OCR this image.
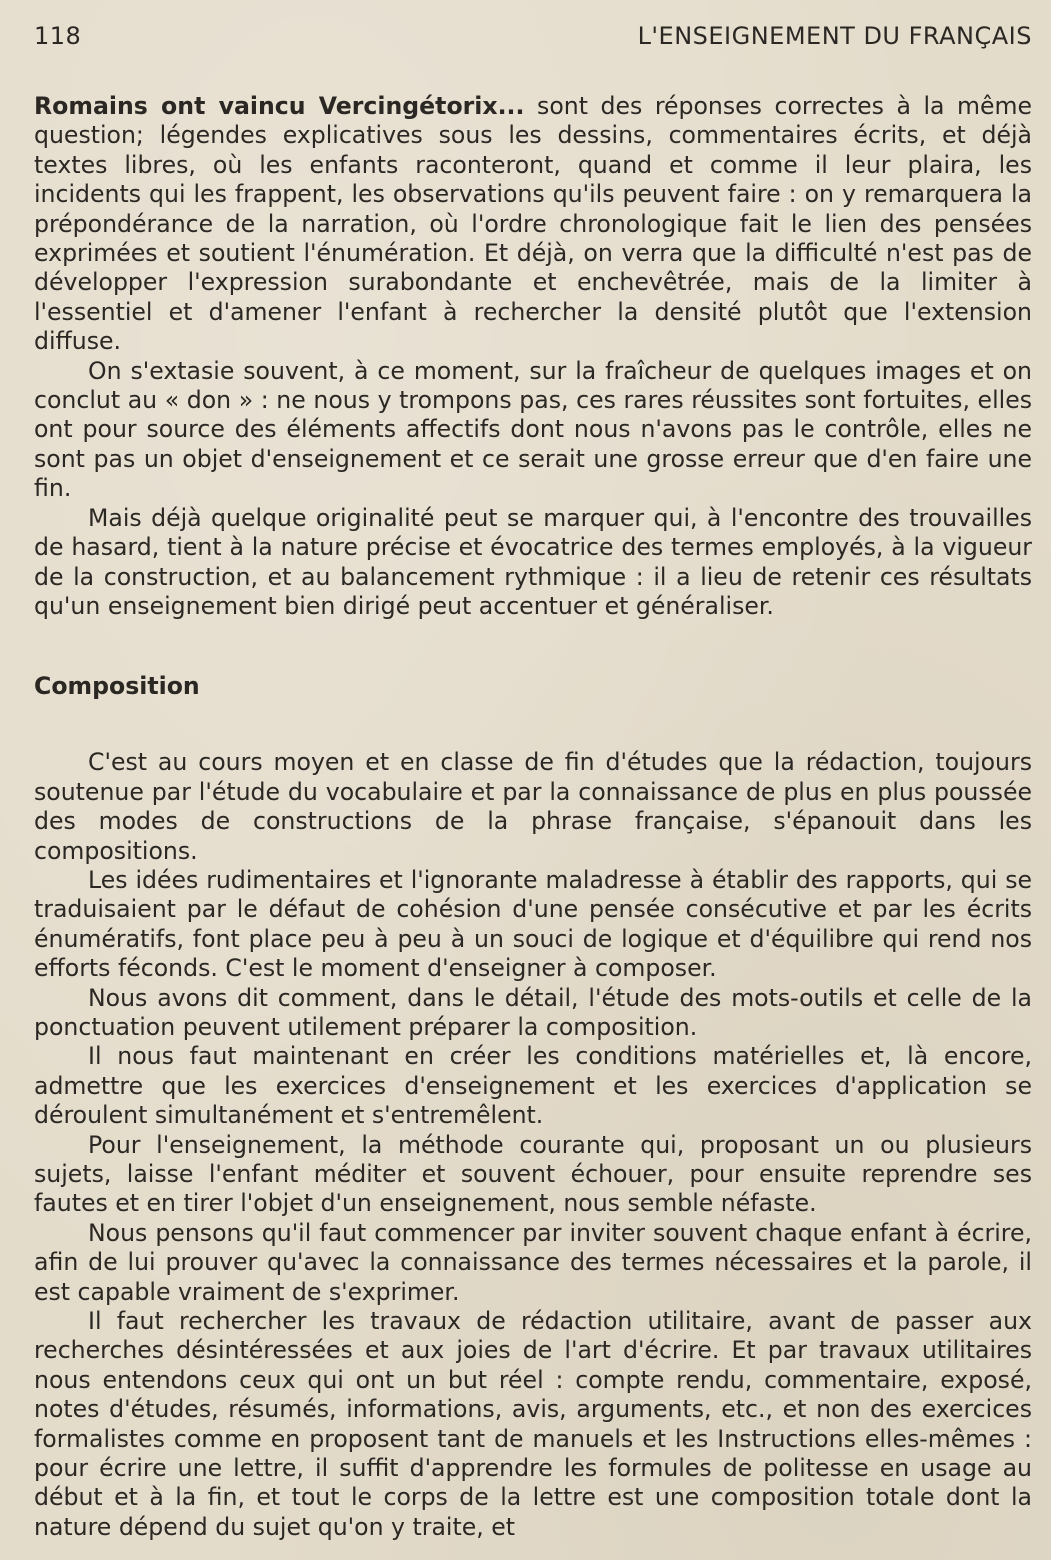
118	L'ENSEIGNEMENT DU FRANÇAIS

Romains ont vaincu Vercingétorix... sont des réponses correctes à la même question; légendes explicatives sous les dessins, commentaires écrits, et déjà textes libres, où les enfants raconteront, quand et comme il leur plaira, les incidents qui les frappent, les observations qu'ils peuvent faire : on y remarquera la prépondérance de la narration, où l'ordre chronologique fait le lien des pensées exprimées et soutient l'énumération. Et déjà, on verra que la difficulté n'est pas de développer l'expression surabondante et enchevêtrée, mais de la limiter à l'essentiel et d'amener l'enfant à rechercher la densité plutôt que l'extension diffuse.

On s'extasie souvent, à ce moment, sur la fraîcheur de quelques images et on conclut au « don » : ne nous y trompons pas, ces rares réussites sont fortuites, elles ont pour source des éléments affectifs dont nous n'avons pas le contrôle, elles ne sont pas un objet d'enseignement et ce serait une grosse erreur que d'en faire une fin.

Mais déjà quelque originalité peut se marquer qui, à l'encontre des trouvailles de hasard, tient à la nature précise et évocatrice des termes employés, à la vigueur de la construction, et au balancement rythmique : il a lieu de retenir ces résultats qu'un enseignement bien dirigé peut accentuer et généraliser.

Composition

C'est au cours moyen et en classe de fin d'études que la rédaction, toujours soutenue par l'étude du vocabulaire et par la connaissance de plus en plus poussée des modes de constructions de la phrase française, s'épanouit dans les compositions.

Les idées rudimentaires et l'ignorante maladresse à établir des rapports, qui se traduisaient par le défaut de cohésion d'une pensée consécutive et par les écrits énumératifs, font place peu à peu à un souci de logique et d'équilibre qui rend nos efforts féconds. C'est le moment d'enseigner à composer.

Nous avons dit comment, dans le détail, l'étude des mots-outils et celle de la ponctuation peuvent utilement préparer la composition.

Il nous faut maintenant en créer les conditions matérielles et, là encore, admettre que les exercices d'enseignement et les exercices d'application se déroulent simultanément et s'entremêlent.

Pour l'enseignement, la méthode courante qui, proposant un ou plusieurs sujets, laisse l'enfant méditer et souvent échouer, pour ensuite reprendre ses fautes et en tirer l'objet d'un enseignement, nous semble néfaste.

Nous pensons qu'il faut commencer par inviter souvent chaque enfant à écrire, afin de lui prouver qu'avec la connaissance des termes nécessaires et la parole, il est capable vraiment de s'exprimer.

Il faut rechercher les travaux de rédaction utilitaire, avant de passer aux recherches désintéressées et aux joies de l'art d'écrire. Et par travaux utilitaires nous entendons ceux qui ont un but réel : compte rendu, commentaire, exposé, notes d'études, résumés, informations, avis, arguments, etc., et non des exercices formalistes comme en proposent tant de manuels et les Instructions elles-mêmes : pour écrire une lettre, il suffit d'apprendre les formules de politesse en usage au début et à la fin, et tout le corps de la lettre est une composition totale dont la nature dépend du sujet qu'on y traite, et
